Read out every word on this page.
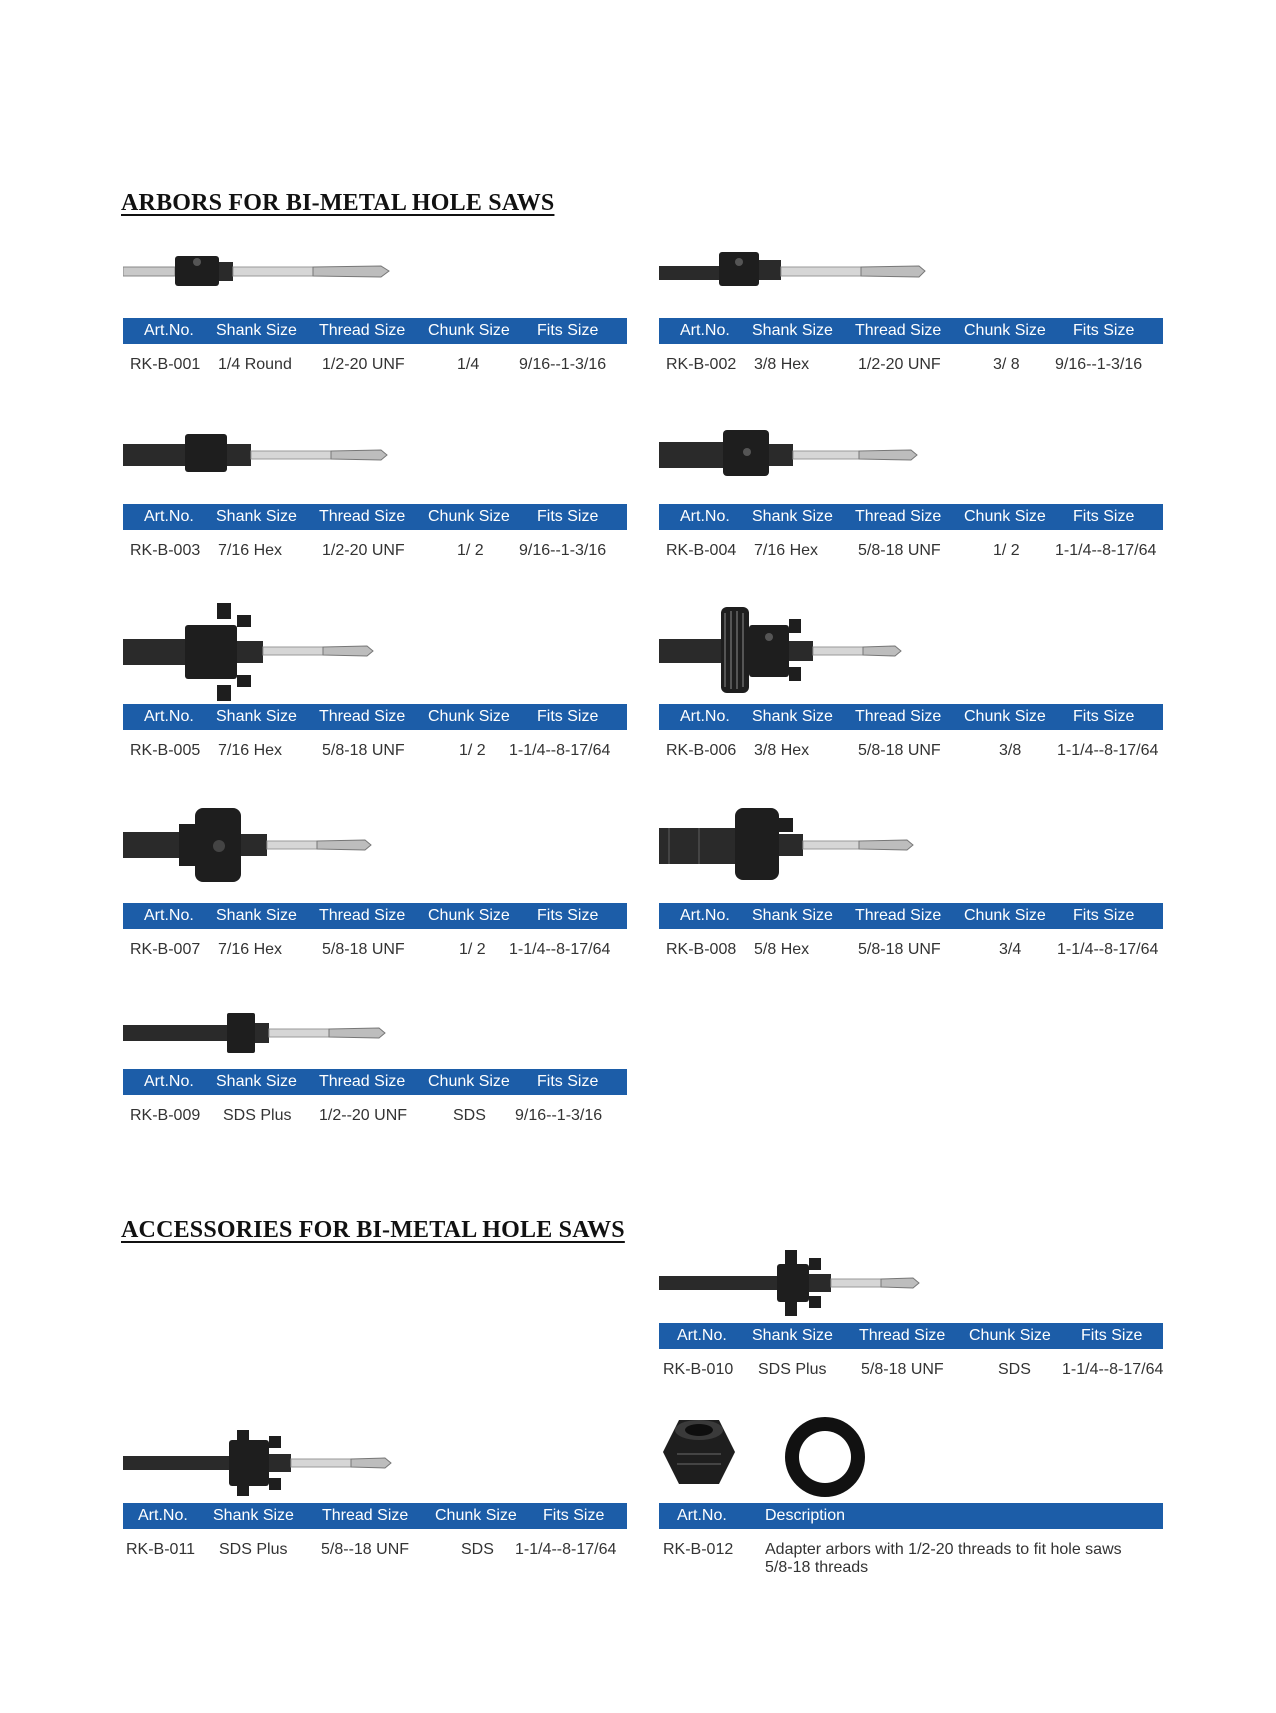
ARBORS FOR BI-METAL HOLE SAWS
ACCESSORIES FOR BI-METAL HOLE SAWS
Art.No. Shank Size Thread Size Chunk Size Fits Size
RK-B-001 1/4 Round 1/2-20 UNF	1/4 9/16--1-3/16
Art.No. Shank Size Thread Size Chunk Size Fits Size
RK-B-002 3/8 Hex	1/2-20 UNF	3/ 8 9/16--1-3/16
Art.No. Shank Size Thread Size Chunk Size Fits Size
RK-B-003 7/16 Hex 1/2-20 UNF	1/ 2 9/16--1-3/16
Art.No. Shank Size Thread Size Chunk Size Fits Size
RK-B-004 7/16 Hex 5/8-18 UNF	1/ 2 1-1/4--8-17/64
Art.No. Shank Size Thread Size Chunk Size Fits Size
RK-B-005 7/16 Hex 5/8-18 UNF	1/ 2 1-1/4--8-17/64
Art.No. Shank Size Thread Size Chunk Size Fits Size
RK-B-006 3/8 Hex	5/8-18 UNF	3/8 1-1/4--8-17/64
Art.No. Shank Size Thread Size Chunk Size Fits Size
RK-B-007 7/16 Hex 5/8-18 UNF	1/ 2 1-1/4--8-17/64
Art.No. Shank Size Thread Size Chunk Size Fits Size
RK-B-008 5/8 Hex	5/8-18 UNF	3/4 1-1/4--8-17/64
Art.No. Shank Size Thread Size Chunk Size Fits Size
RK-B-009 SDS Plus 1/2--20 UNF	SDS 9/16--1-3/16
Art.No. Shank Size Thread Size Chunk Size Fits Size
RK-B-010 SDS Plus 5/8-18 UNF	SDS 1-1/4--8-17/64
Art.No. Shank Size Thread Size Chunk Size Fits Size
RK-B-011 SDS Plus 5/8--18 UNF	SDS 1-1/4--8-17/64
Art.No. Description
RK-B-012 Adapter arbors with 1/2-20 threads to fit hole saws
5/8-18 threads
